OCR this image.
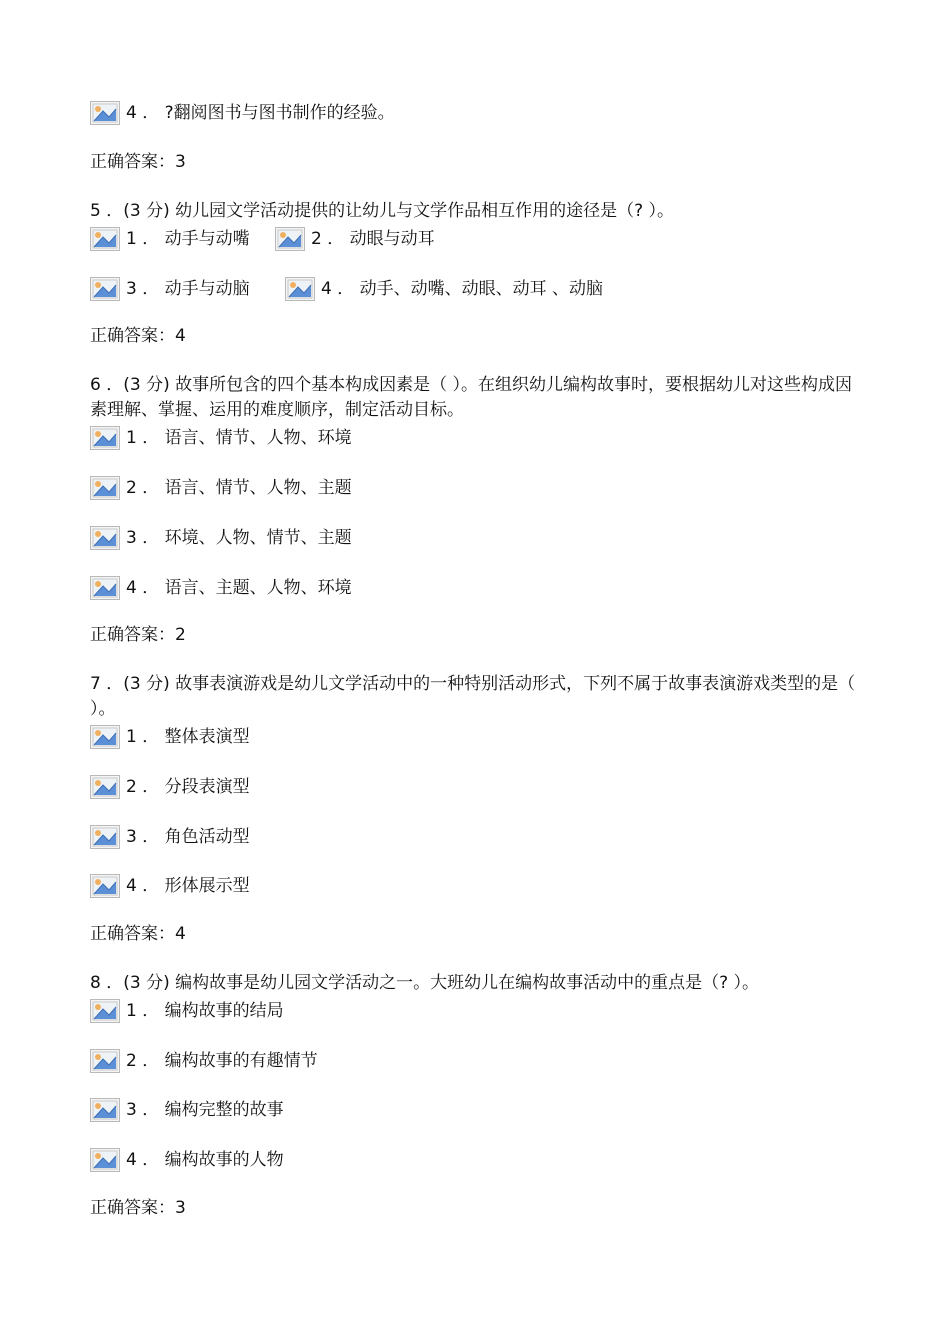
4 ． ?翻阅图书与图书制作的经验。
正确答案：3
5 ．(3 分) 幼儿园文学活动提供的让幼儿与文学作品相互作用的途径是（? ）。
1 ． 动手与动嘴	2 ． 动眼与动耳
3 ． 动手与动脑	4 ． 动手、动嘴、动眼、动耳 、动脑
正确答案：4
6 ．(3 分) 故事所包含的四个基本构成因素是（ ）。在组织幼儿编构故事时，要根据幼儿对这些构成因素理解、掌握、运用的难度顺序，制定活动目标。
1 ． 语言、情节、人物、环境
2 ． 语言、情节、人物、主题
3 ． 环境、人物、情节、主题
4 ． 语言、主题、人物、环境
正确答案：2
7 ．(3 分) 故事表演游戏是幼儿文学活动中的一种特别活动形式，下列不属于故事表演游戏类型的是（ ）。
1 ． 整体表演型
2 ． 分段表演型
3 ． 角色活动型
4 ． 形体展示型
正确答案：4
8 ．(3 分) 编构故事是幼儿园文学活动之一。大班幼儿在编构故事活动中的重点是（? ）。
1 ． 编构故事的结局
2 ． 编构故事的有趣情节
3 ． 编构完整的故事
4 ． 编构故事的人物
正确答案：3
